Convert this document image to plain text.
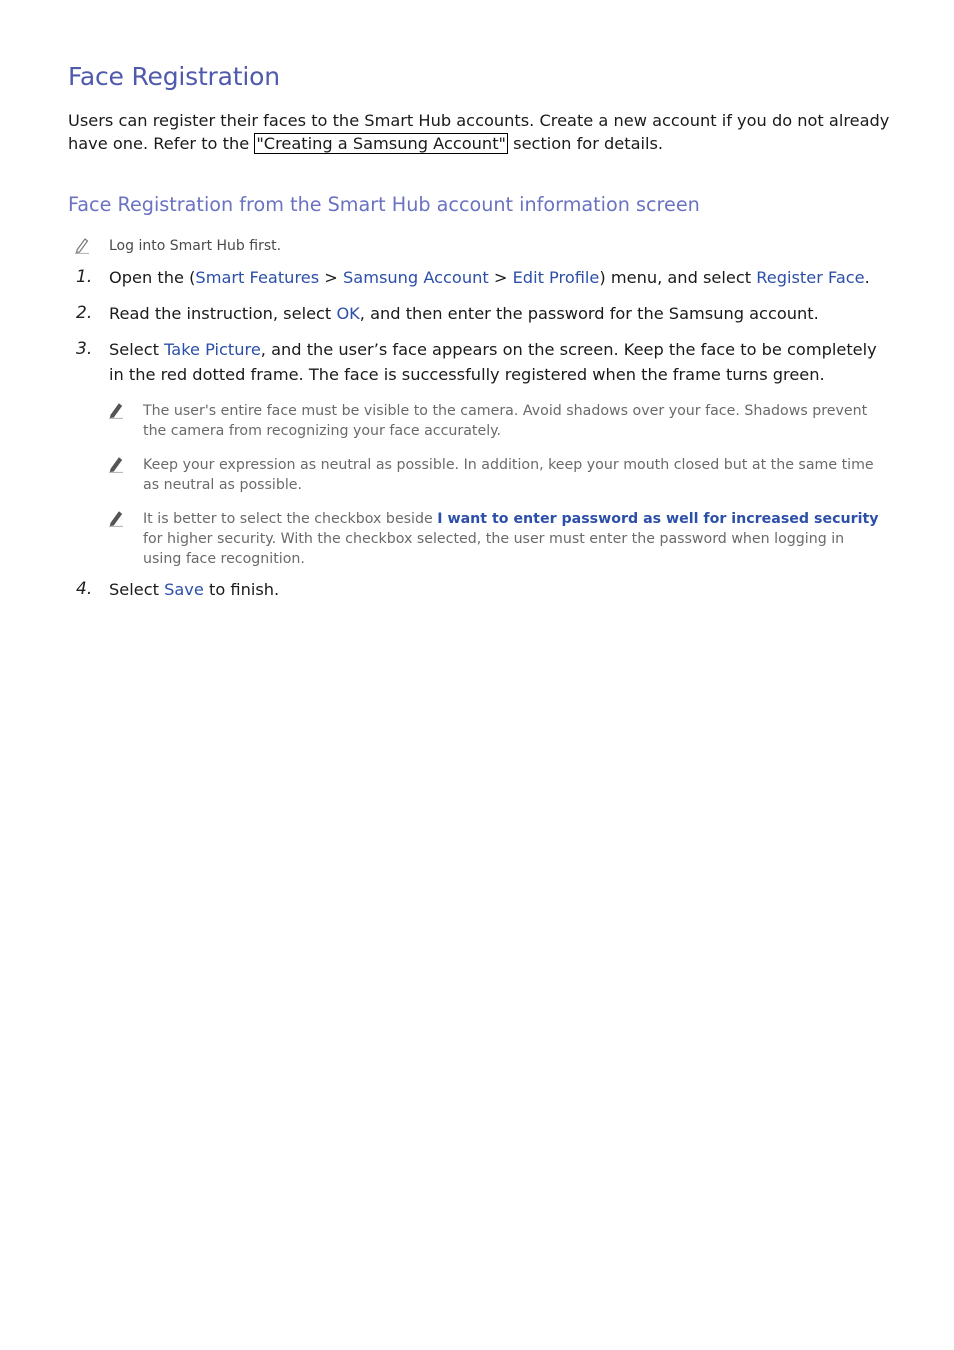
Face Registration

Users can register their faces to the Smart Hub accounts. Create a new account if you do not already have one. Refer to the "Creating a Samsung Account" section for details.

Face Registration from the Smart Hub account information screen
Log into Smart Hub first.
1. Open the (Smart Features > Samsung Account > Edit Profile) menu, and select Register Face.
2. Read the instruction, select OK, and then enter the password for the Samsung account.
3. Select Take Picture, and the user’s face appears on the screen. Keep the face to be completely in the red dotted frame. The face is successfully registered when the frame turns green.
The user's entire face must be visible to the camera. Avoid shadows over your face. Shadows prevent the camera from recognizing your face accurately.
Keep your expression as neutral as possible. In addition, keep your mouth closed but at the same time as neutral as possible.
It is better to select the checkbox beside I want to enter password as well for increased security for higher security. With the checkbox selected, the user must enter the password when logging in using face recognition.
4. Select Save to finish.
